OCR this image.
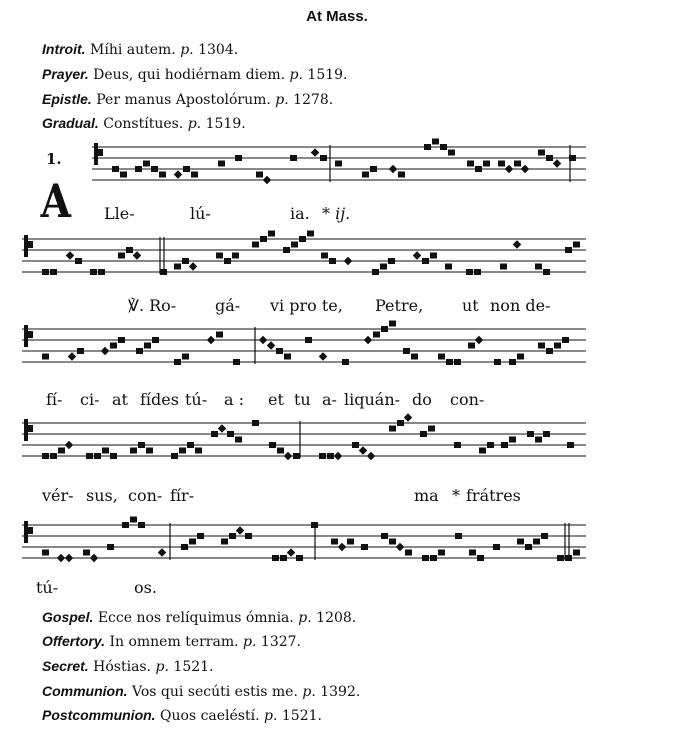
At Mass.
Introit. Míhi autem. p. 1304.
Prayer. Deus, qui hodiérnam diem. p. 1519.
Epistle. Per manus Apostolórum. p. 1278.
Gradual. Constítues. p. 1519.
1.
A Lle-	lú-	ia. * ij.
℣. Ro- gá- vi pro te, Petre, ut non de-
fí- ci- at fídes tú- a : et tu a- liquán- do con-
vér- sus, con- fír-	ma * frátres
tú-	os.
Gospel. Ecce nos relíquimus ómnia. p. 1208.
Offertory. In omnem terram. p. 1327.
Secret. Hóstias. p. 1521.
Communion. Vos qui secúti estis me. p. 1392.
Postcommunion. Quos caeléstí. p. 1521.
